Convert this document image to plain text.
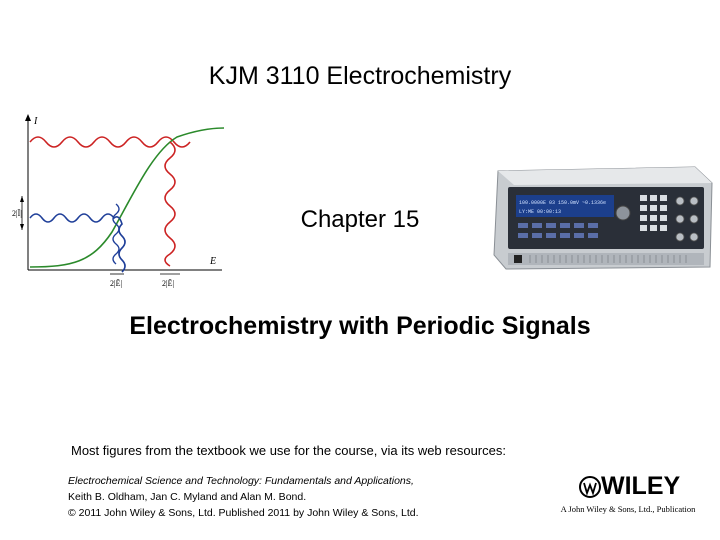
KJM 3110 Electrochemistry
I
E
2|Ĩ|
2|Ẽ|	2|Ẽ|
Chapter 15
100.0000E 03 150.0mV ~0.1336e
LY:ME 00:00:13
Electrochemistry with Periodic Signals
Most figures from the textbook we use for the course, via its web resources:
Electrochemical Science and Technology: Fundamentals and Applications,
Keith B. Oldham, Jan C. Myland and Alan M. Bond.
© 2011 John Wiley & Sons, Ltd. Published 2011 by John Wiley & Sons, Ltd.
WILEY
A John Wiley & Sons, Ltd., Publication
